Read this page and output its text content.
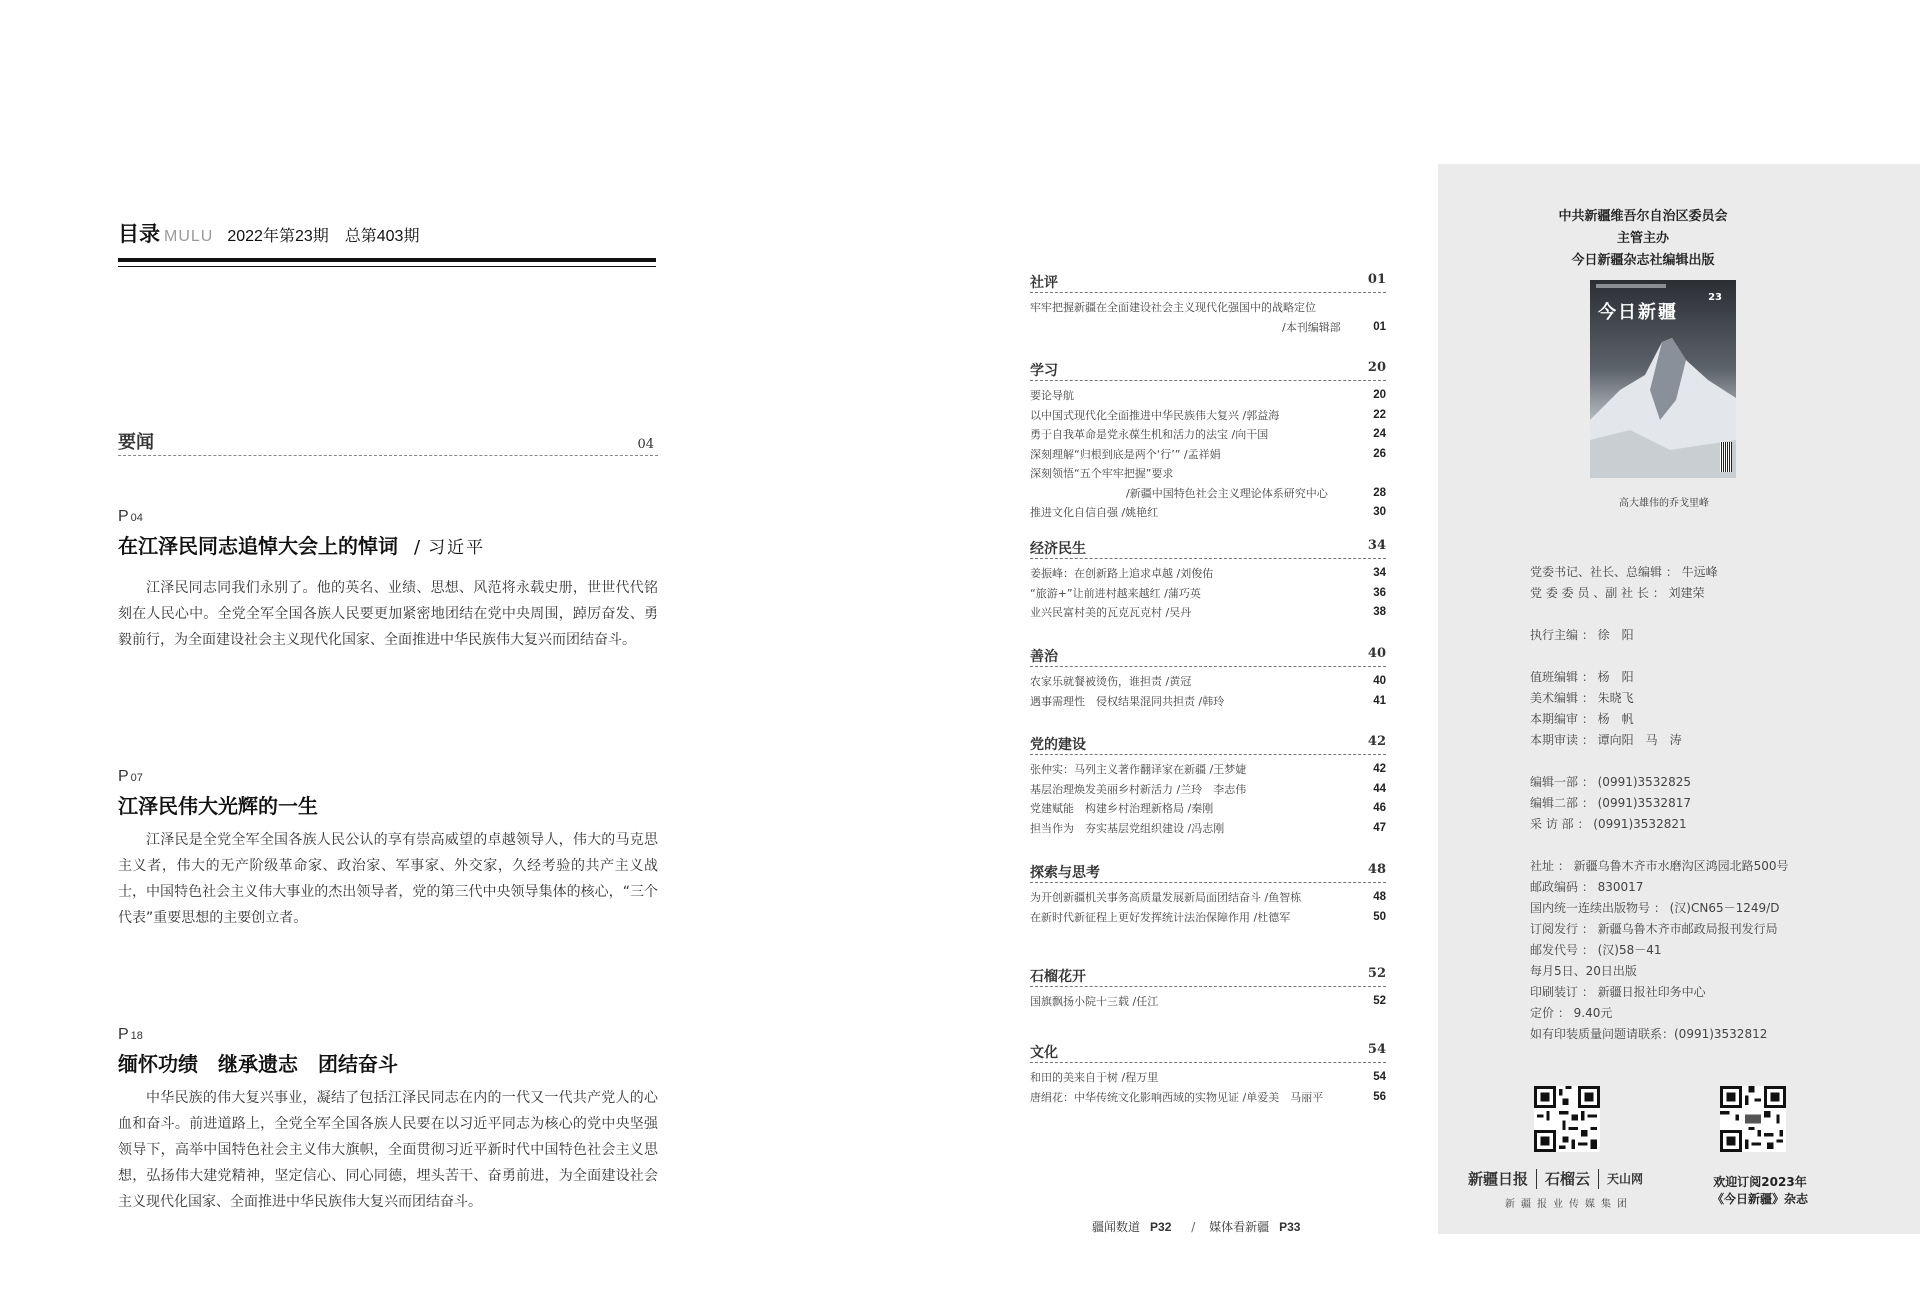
目录 MULU 2022年第23期 总第403期
要闻	04
P 04
在江泽民同志追悼大会上的悼词 / 习近平

江泽民同志同我们永别了。他的英名、业绩、思想、风范将永载史册，世世代代铭刻在人民心中。全党全军全国各族人民要更加紧密地团结在党中央周围，踔厉奋发、勇毅前行，为全面建设社会主义现代化国家、全面推进中华民族伟大复兴而团结奋斗。

P 07
江泽民伟大光辉的一生

江泽民是全党全军全国各族人民公认的享有崇高威望的卓越领导人，伟大的马克思主义者，伟大的无产阶级革命家、政治家、军事家、外交家，久经考验的共产主义战士，中国特色社会主义伟大事业的杰出领导者，党的第三代中央领导集体的核心，“三个代表”重要思想的主要创立者。

P 18
缅怀功绩　继承遗志　团结奋斗

中华民族的伟大复兴事业，凝结了包括江泽民同志在内的一代又一代共产党人的心血和奋斗。前进道路上，全党全军全国各族人民要在以习近平同志为核心的党中央坚强领导下，高举中国特色社会主义伟大旗帜，全面贯彻习近平新时代中国特色社会主义思想，弘扬伟大建党精神，坚定信心、同心同德，埋头苦干、奋勇前进，为全面建设社会主义现代化国家、全面推进中华民族伟大复兴而团结奋斗。

社评	01
牢牢把握新疆在全面建设社会主义现代化强国中的战略定位
/本刊编辑部	01
学习	20
要论导航	20
以中国式现代化全面推进中华民族伟大复兴 /郭益海	22
勇于自我革命是党永葆生机和活力的法宝 /向干国	24
深刻理解“归根到底是两个‘行’” /孟祥娟	26
深刻领悟“五个牢牢把握”要求
/新疆中国特色社会主义理论体系研究中心	28
推进文化自信自强 /姚艳红	30
经济民生	34
姜振峰：在创新路上追求卓越 /刘俊佑	34
“旅游+”让前进村越来越红 /蒲巧英	36
业兴民富村美的瓦克瓦克村 /吴丹	38
善治	40
农家乐就餐被烫伤，谁担责 /黄冠	40
遇事需理性　侵权结果混同共担责 /韩玲	41
党的建设	42
张仲实：马列主义著作翻译家在新疆 /王梦婕	42
基层治理焕发美丽乡村新活力 /兰玲　李志伟	44
党建赋能　构建乡村治理新格局 /秦刚	46
担当作为　夯实基层党组织建设 /冯志刚	47
探索与思考	48
为开创新疆机关事务高质量发展新局面团结奋斗 /鱼智栋	48
在新时代新征程上更好发挥统计法治保障作用 /杜德军	50
石榴花开	52
国旗飘扬小院十三载 /任江	52
文化	54
和田的美来自于树 /程万里	54
唐绢花：中华传统文化影响西域的实物见证 /单爱美　马丽平	56
疆闻数道 P32 / 媒体看新疆 P33
中共新疆维吾尔自治区委员会
主管主办
今日新疆杂志社编辑出版
今日新疆
23
高大雄伟的乔戈里峰
党委书记、社长、总编辑 ： 牛远峰
党 委 委 员 、副 社 长 ： 刘建荣
执行主编 ： 徐　阳
值班编辑 ： 杨　阳
美术编辑 ： 朱晓飞
本期编审 ： 杨　帆
本期审读 ： 谭向阳　马　涛
编辑一部 ： (0991)3532825
编辑二部 ： (0991)3532817
采 访 部 ： (0991)3532821
社址 ： 新疆乌鲁木齐市水磨沟区鸿园北路500号
邮政编码 ： 830017
国内统一连续出版物号 ： (汉)CN65－1249/D
订阅发行 ： 新疆乌鲁木齐市邮政局报刊发行局
邮发代号 ： (汉)58－41
每月5日、20日出版
印刷装订 ： 新疆日报社印务中心
定价 ： 9.40元
如有印装质量问题请联系：(0991)3532812
新疆日报 石榴云 天山网
新疆报业传媒集团
欢迎订阅2023年
《今日新疆》杂志
